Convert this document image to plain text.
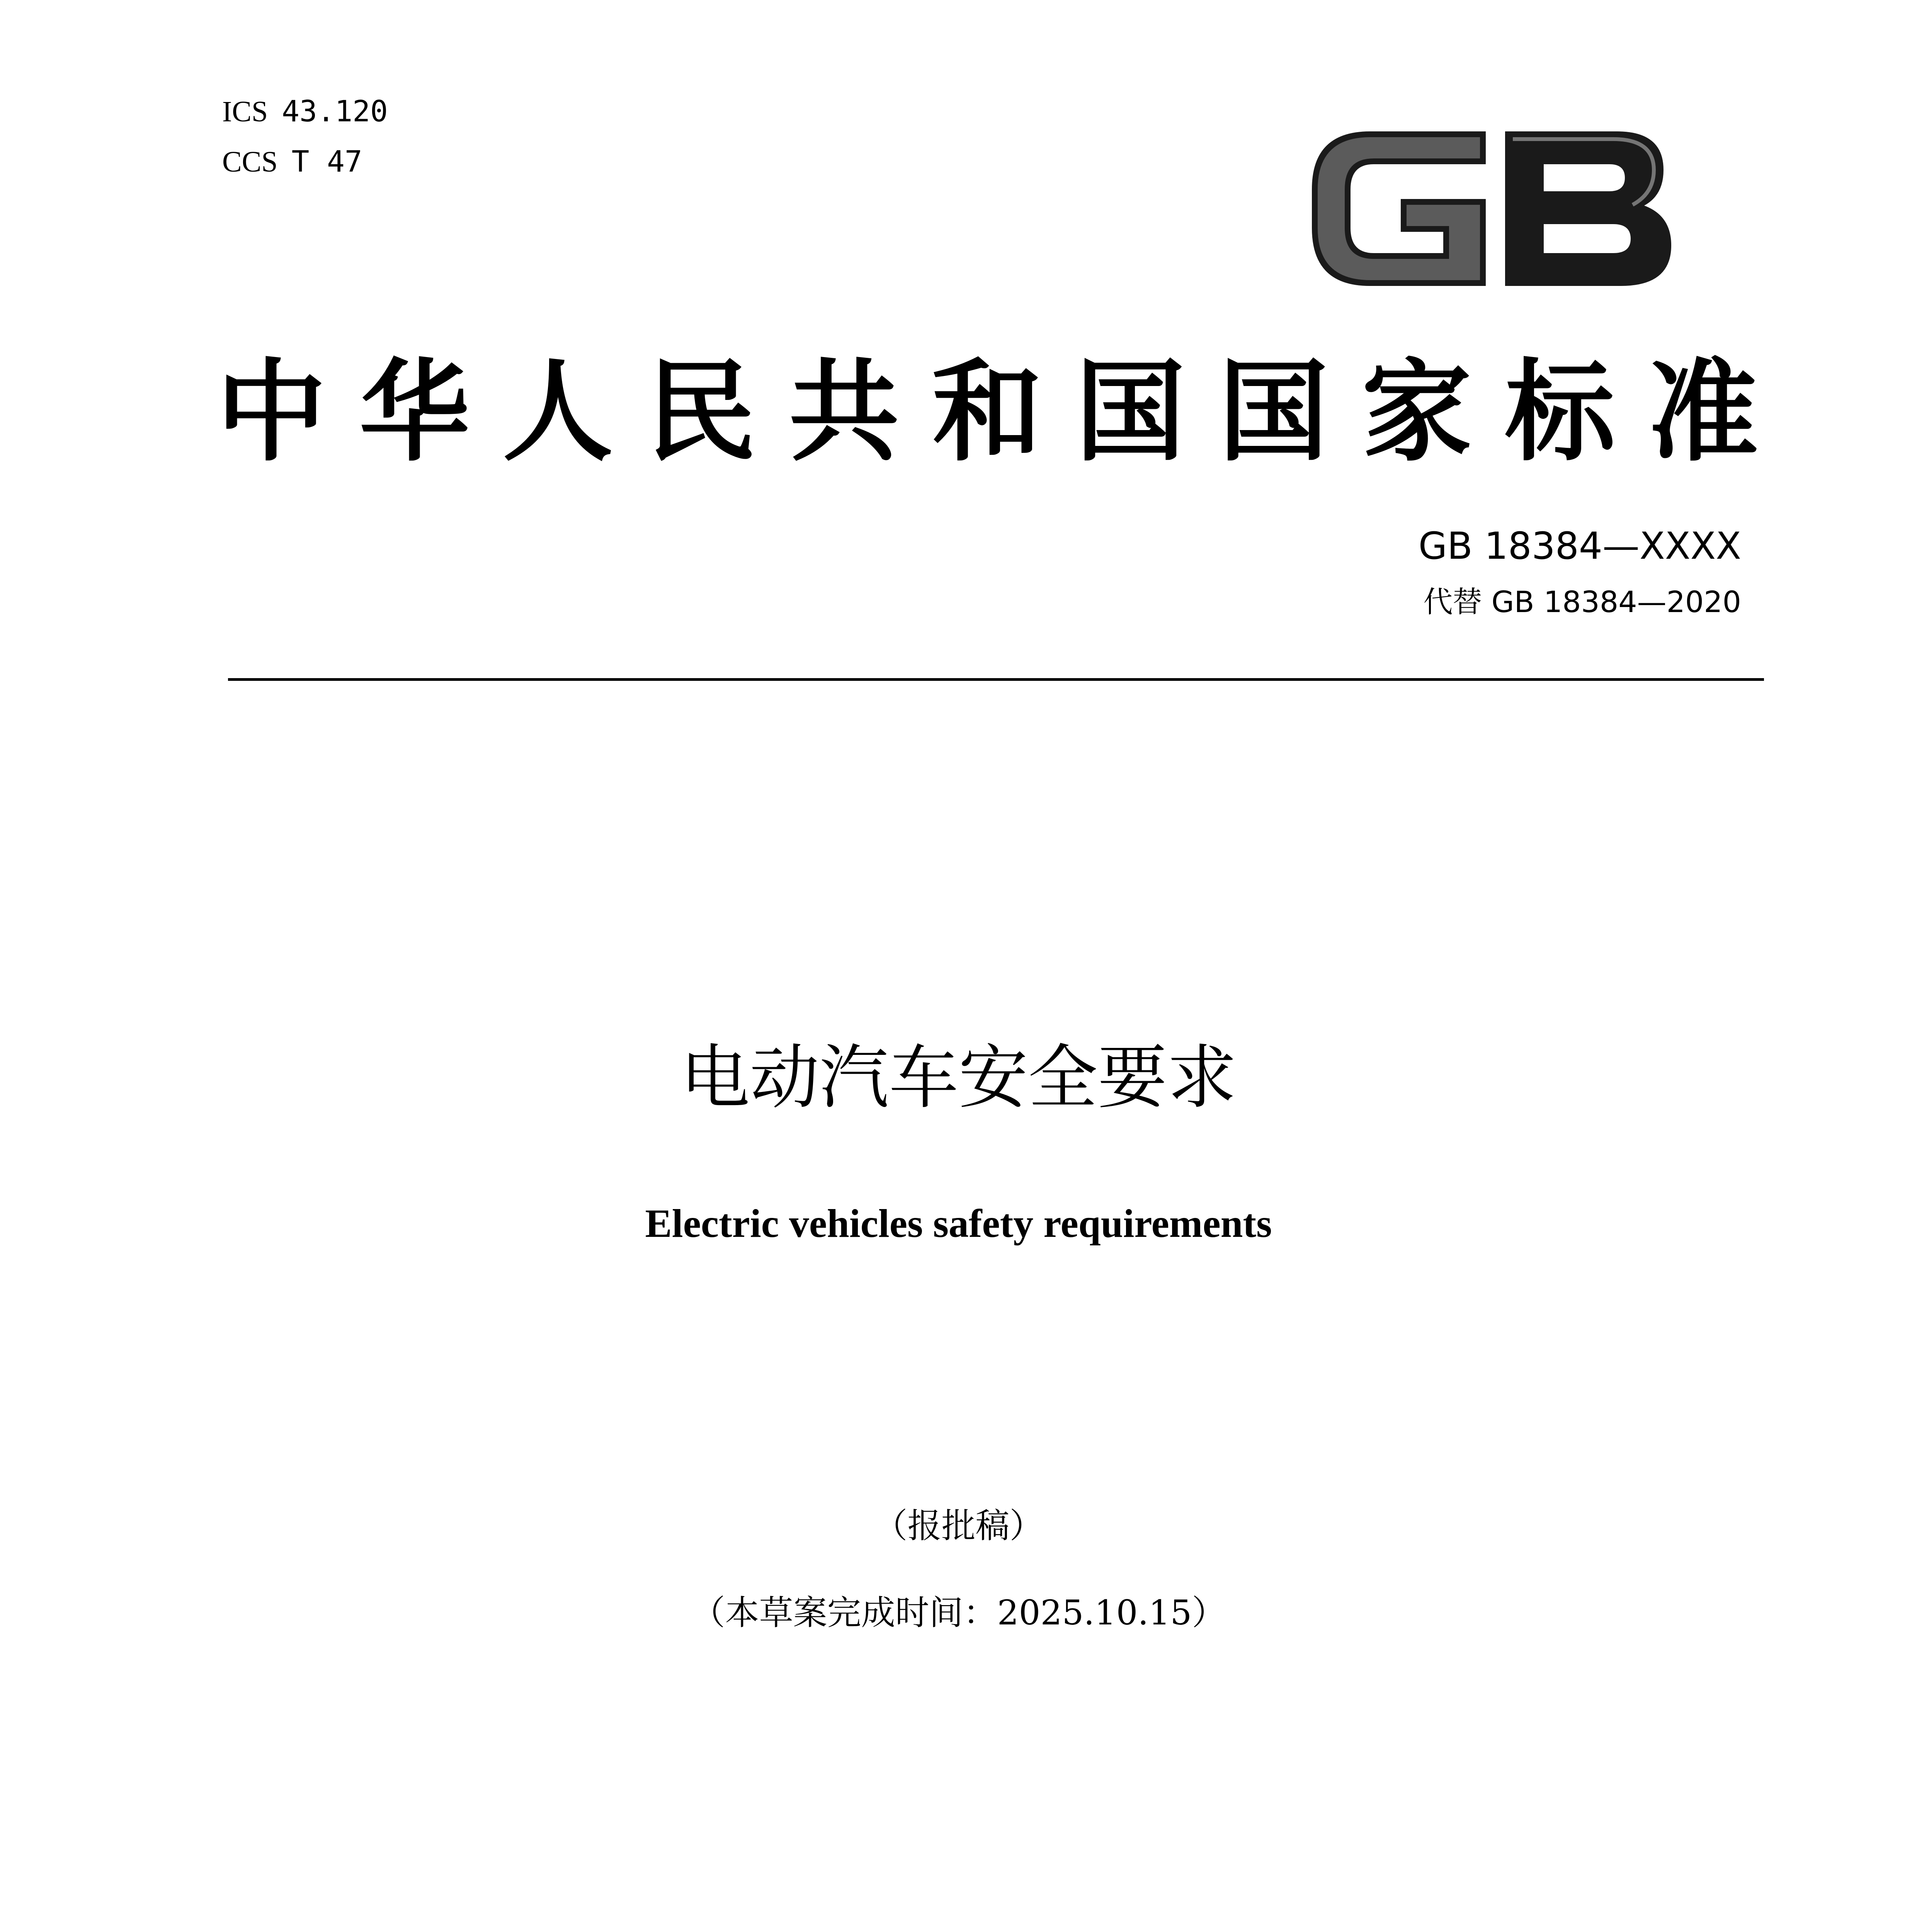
ICS 43.120
CCS T 47
中 华 人 民 共 和 国 国 家 标 准
GB 18384—XXXX
代替 GB 18384—2020
电动汽车安全要求
Electric vehicles safety requirements
（报批稿）
（本草案完成时间：2025.10.15）
